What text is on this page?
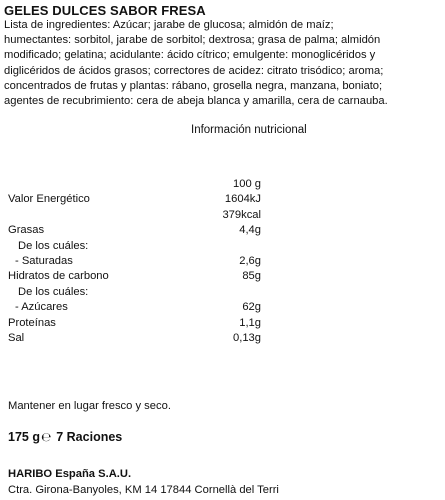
GELES DULCES SABOR FRESA
Lista de ingredientes: Azúcar; jarabe de glucosa; almidón de maíz;
humectantes: sorbitol, jarabe de sorbitol; dextrosa; grasa de palma; almidón
modificado; gelatina; acidulante: ácido cítrico; emulgente: monoglicéridos y
diglicéridos de ácidos grasos; correctores de acidez: citrato trisódico; aroma;
concentrados de frutas y plantas: rábano, grosella negra, manzana, boniato;
agentes de recubrimiento: cera de abeja blanca y amarilla, cera de carnauba.
Información nutricional
100 g
Valor Energético	1604kJ
379kcal
Grasas	4,4g
De los cuáles:
- Saturadas	2,6g
Hidratos de carbono	85g
De los cuáles:
- Azúcares	62g
Proteínas	1,1g
Sal	0,13g
Mantener en lugar fresco y seco.
175 g℮ 7 Raciones
HARIBO España S.A.U.
Ctra. Girona-Banyoles, KM 14 17844 Cornellà del Terri
